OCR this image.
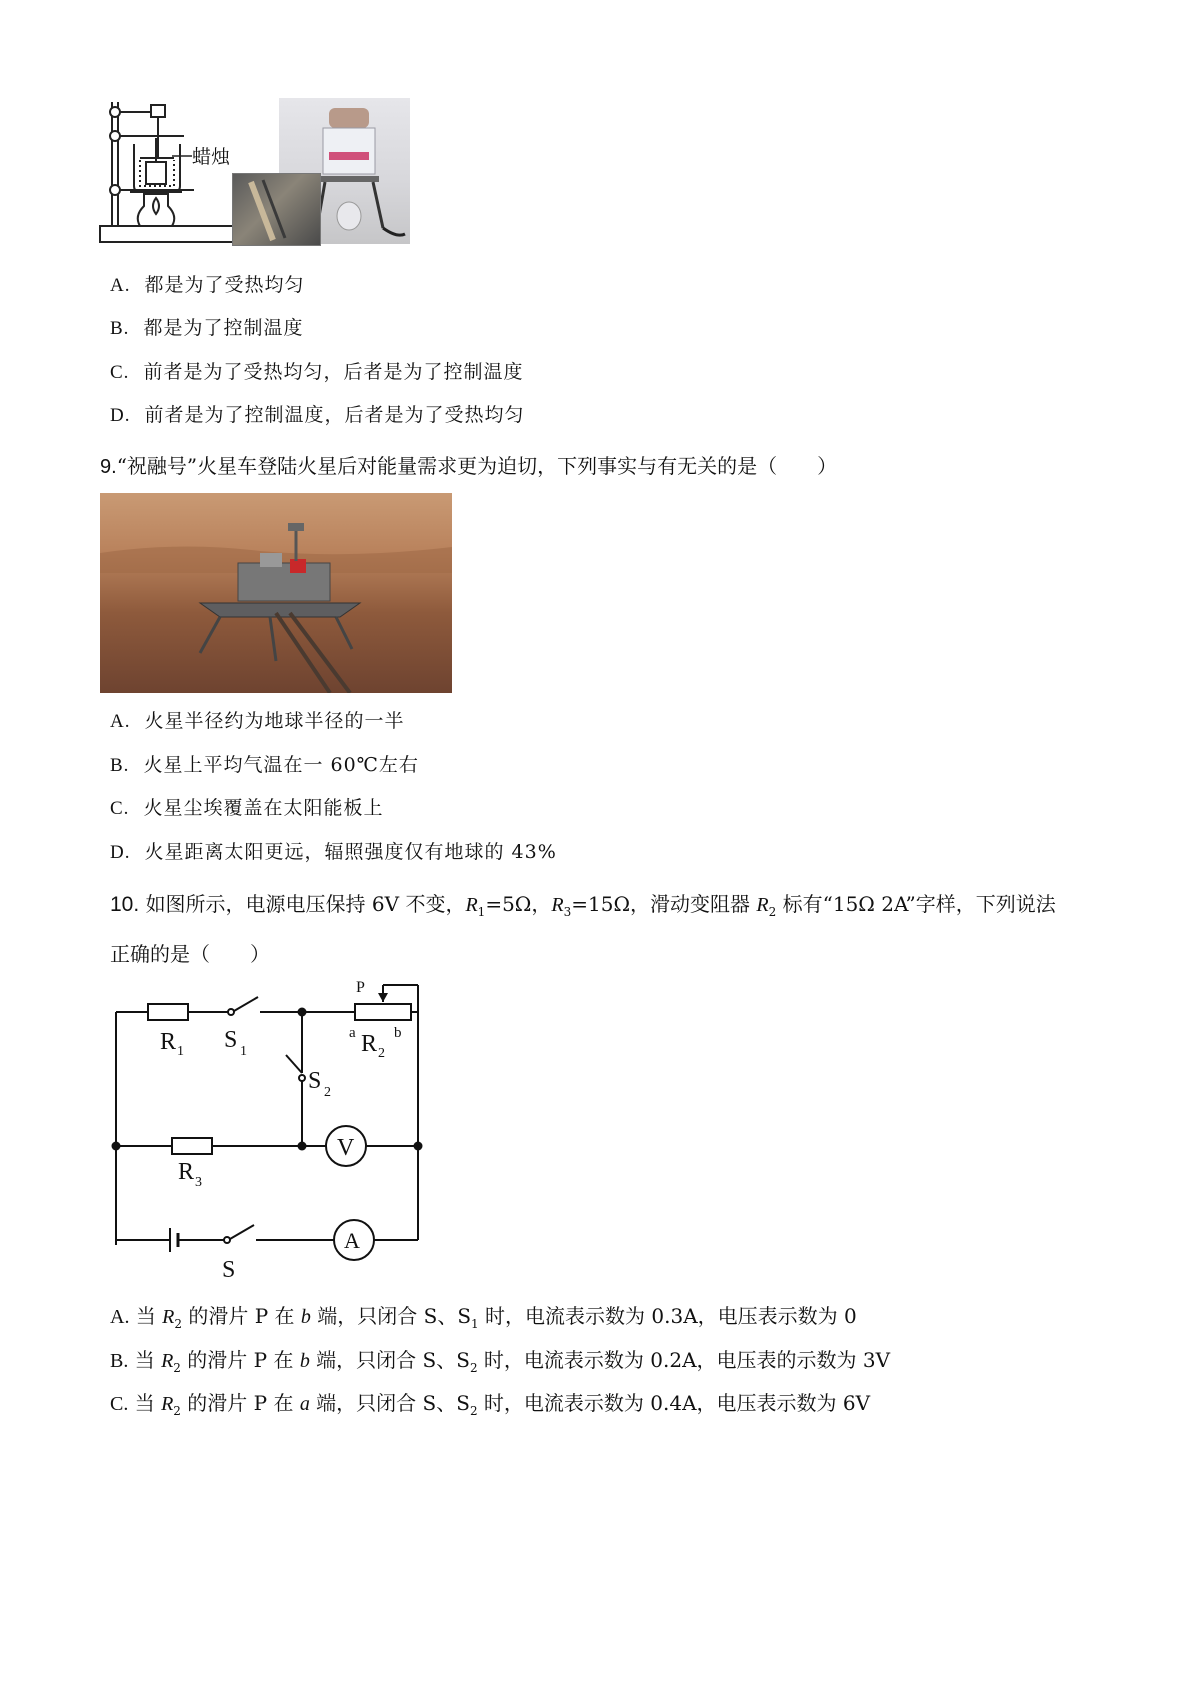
蜡烛
A. 都是为了受热均匀
B. 都是为了控制温度
C. 前者是为了受热均匀，后者是为了控制温度
D. 前者是为了控制温度，后者是为了受热均匀
9.“祝融号”火星车登陆火星后对能量需求更为迫切，下列事实与有无关的是（　　）
A. 火星半径约为地球半径的一半
B. 火星上平均气温在一 60℃左右
C. 火星尘埃覆盖在太阳能板上
D. 火星距离太阳更远，辐照强度仅有地球的 43%
10. 如图所示，电源电压保持 6V 不变，$R_1=5\Omega$，$R_3=15\Omega$，滑动变阻器 $R_2$ 标有“15Ω 2A”字样，下列说法
正确的是（　　）
R 1 S 1
P
a	b
R 2
S 2
R 3
V
A
S
A. 当 $R_2$ 的滑片 P 在 b 端，只闭合 S、$S_1$ 时，电流表示数为 0.3A，电压表示数为 0
B. 当 $R_2$ 的滑片 P 在 b 端，只闭合 S、$S_2$ 时，电流表示数为 0.2A，电压表的示数为 3V
C. 当 $R_2$ 的滑片 P 在 a 端，只闭合 S、$S_2$ 时，电流表示数为 0.4A，电压表示数为 6V
